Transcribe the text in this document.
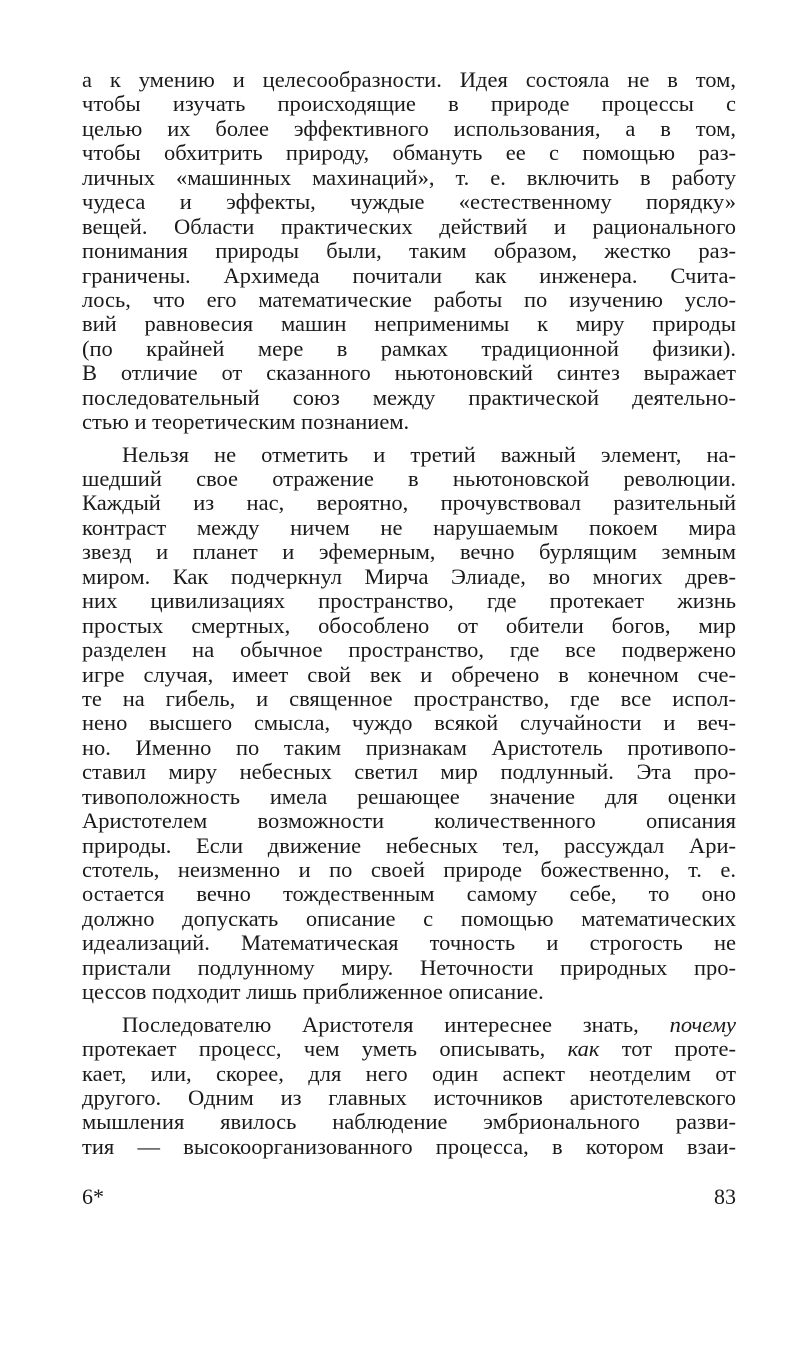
а к умению и целесообразности. Идея состояла не в том,
чтобы изучать происходящие в природе процессы с
целью их более эффективного использования, а в том,
чтобы обхитрить природу, обмануть ее с помощью раз-
личных «машинных махинаций», т. е. включить в работу
чудеса и эффекты, чуждые «естественному порядку»
вещей. Области практических действий и рационального
понимания природы были, таким образом, жестко раз-
граничены. Архимеда почитали как инженера. Счита-
лось, что его математические работы по изучению усло-
вий равновесия машин неприменимы к миру природы
(по крайней мере в рамках традиционной физики).
В отличие от сказанного ньютоновский синтез выражает
последовательный союз между практической деятельно-
стью и теоретическим познанием.
Нельзя не отметить и третий важный элемент, на-
шедший свое отражение в ньютоновской революции.
Каждый из нас, вероятно, прочувствовал разительный
контраст между ничем не нарушаемым покоем мира
звезд и планет и эфемерным, вечно бурлящим земным
миром. Как подчеркнул Мирча Элиаде, во многих древ-
них цивилизациях пространство, где протекает жизнь
простых смертных, обособлено от обители богов, мир
разделен на обычное пространство, где все подвержено
игре случая, имеет свой век и обречено в конечном сче-
те на гибель, и священное пространство, где все испол-
нено высшего смысла, чуждо всякой случайности и веч-
но. Именно по таким признакам Аристотель противопо-
ставил миру небесных светил мир подлунный. Эта про-
тивоположность имела решающее значение для оценки
Аристотелем возможности количественного описания
природы. Если движение небесных тел, рассуждал Ари-
стотель, неизменно и по своей природе божественно, т. е.
остается вечно тождественным самому себе, то оно
должно допускать описание с помощью математических
идеализаций. Математическая точность и строгость не
пристали подлунному миру. Неточности природных про-
цессов подходит лишь приближенное описание.
Последователю Аристотеля интереснее знать, почему
протекает процесс, чем уметь описывать, как тот проте-
кает, или, скорее, для него один аспект неотделим от
другого. Одним из главных источников аристотелевского
мышления явилось наблюдение эмбрионального разви-
тия — высокоорганизованного процесса, в котором взаи-
6*	83
